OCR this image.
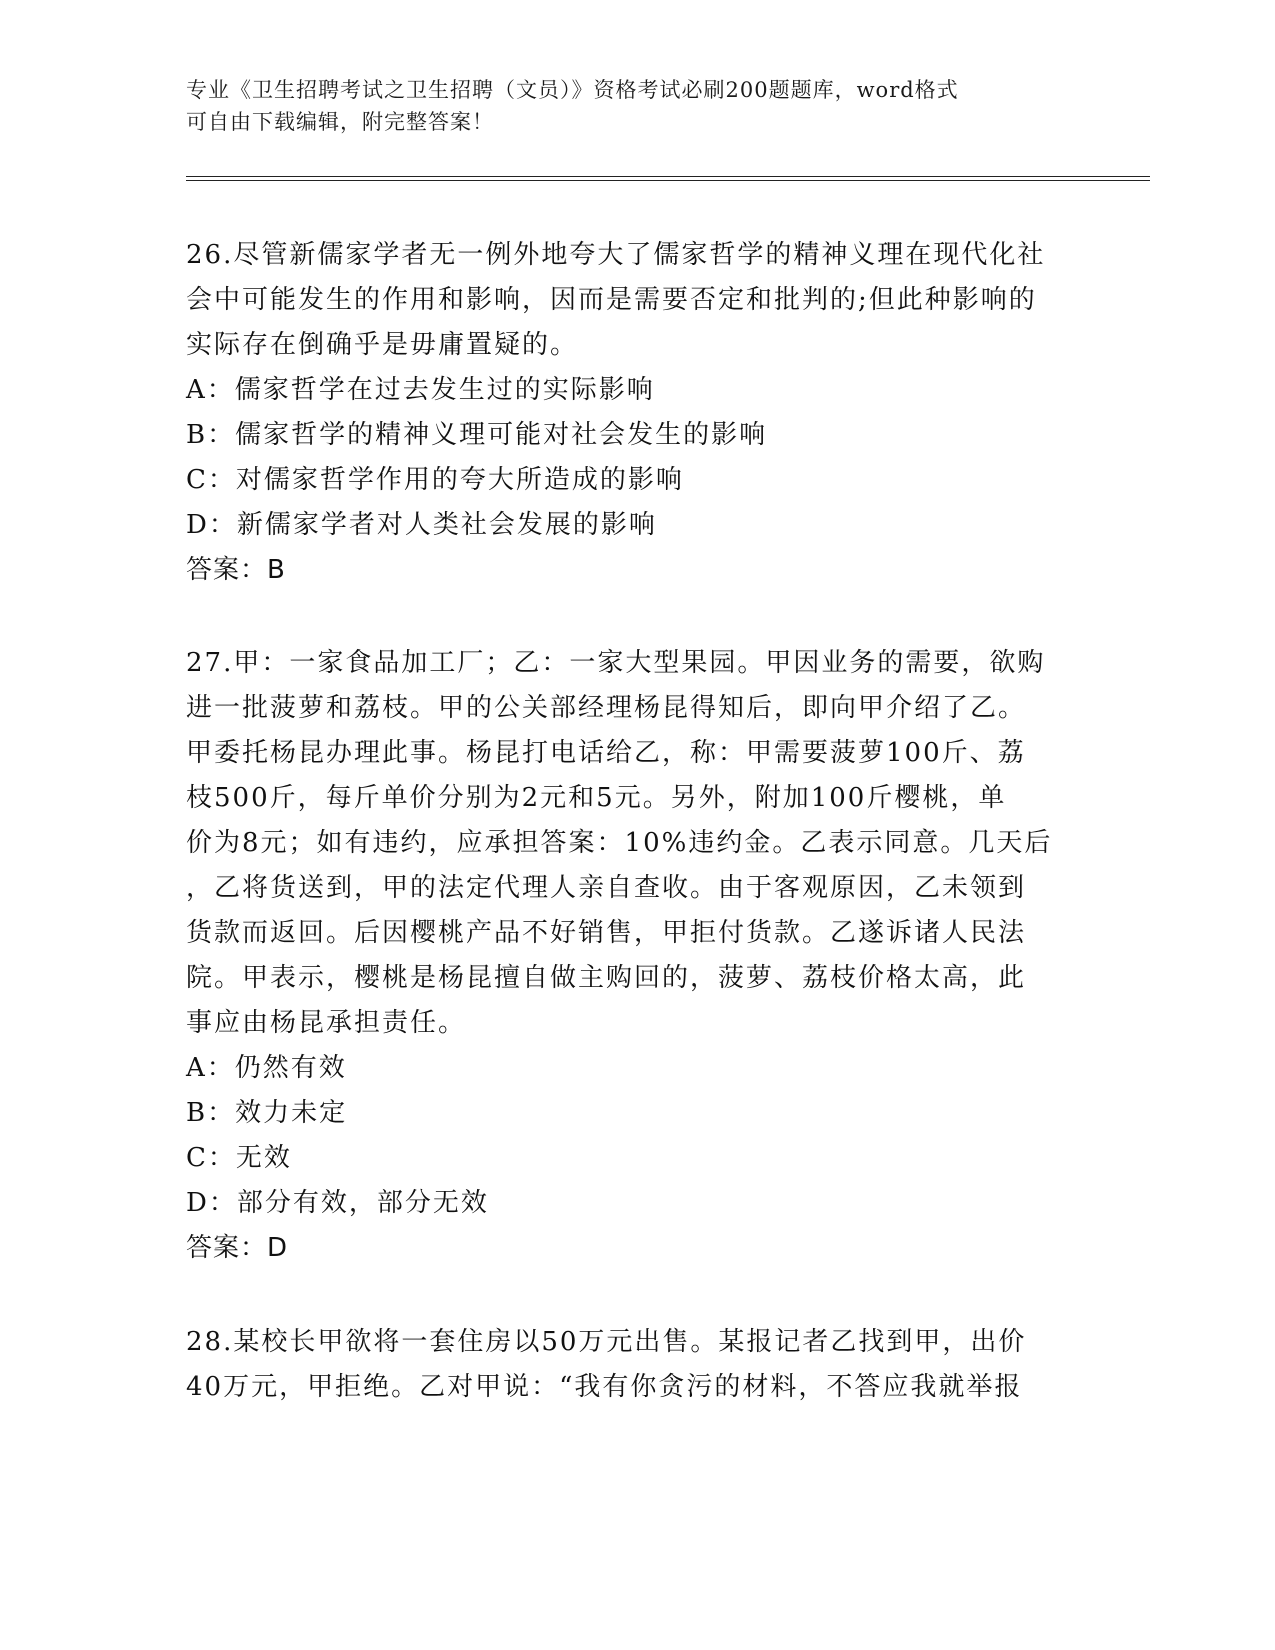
专业《卫生招聘考试之卫生招聘（文员）》资格考试必刷200题题库，word格式
可自由下载编辑，附完整答案！

26.尽管新儒家学者无一例外地夸大了儒家哲学的精神义理在现代化社

会中可能发生的作用和影响，因而是需要否定和批判的;但此种影响的

实际存在倒确乎是毋庸置疑的。

A：儒家哲学在过去发生过的实际影响

B：儒家哲学的精神义理可能对社会发生的影响

C：对儒家哲学作用的夸大所造成的影响

D：新儒家学者对人类社会发展的影响

答案：B

27.甲：一家食品加工厂；乙：一家大型果园。甲因业务的需要，欲购

进一批菠萝和荔枝。甲的公关部经理杨昆得知后，即向甲介绍了乙。

甲委托杨昆办理此事。杨昆打电话给乙，称：甲需要菠萝100斤、荔

枝500斤，每斤单价分别为2元和5元。另外，附加100斤樱桃，单

价为8元；如有违约，应承担答案：10%违约金。乙表示同意。几天后

，乙将货送到，甲的法定代理人亲自查收。由于客观原因，乙未领到

货款而返回。后因樱桃产品不好销售，甲拒付货款。乙遂诉诸人民法

院。甲表示，樱桃是杨昆擅自做主购回的，菠萝、荔枝价格太高，此

事应由杨昆承担责任。

A：仍然有效

B：效力未定

C：无效

D：部分有效，部分无效

答案：D

28.某校长甲欲将一套住房以50万元出售。某报记者乙找到甲，出价

40万元，甲拒绝。乙对甲说：“我有你贪污的材料，不答应我就举报
